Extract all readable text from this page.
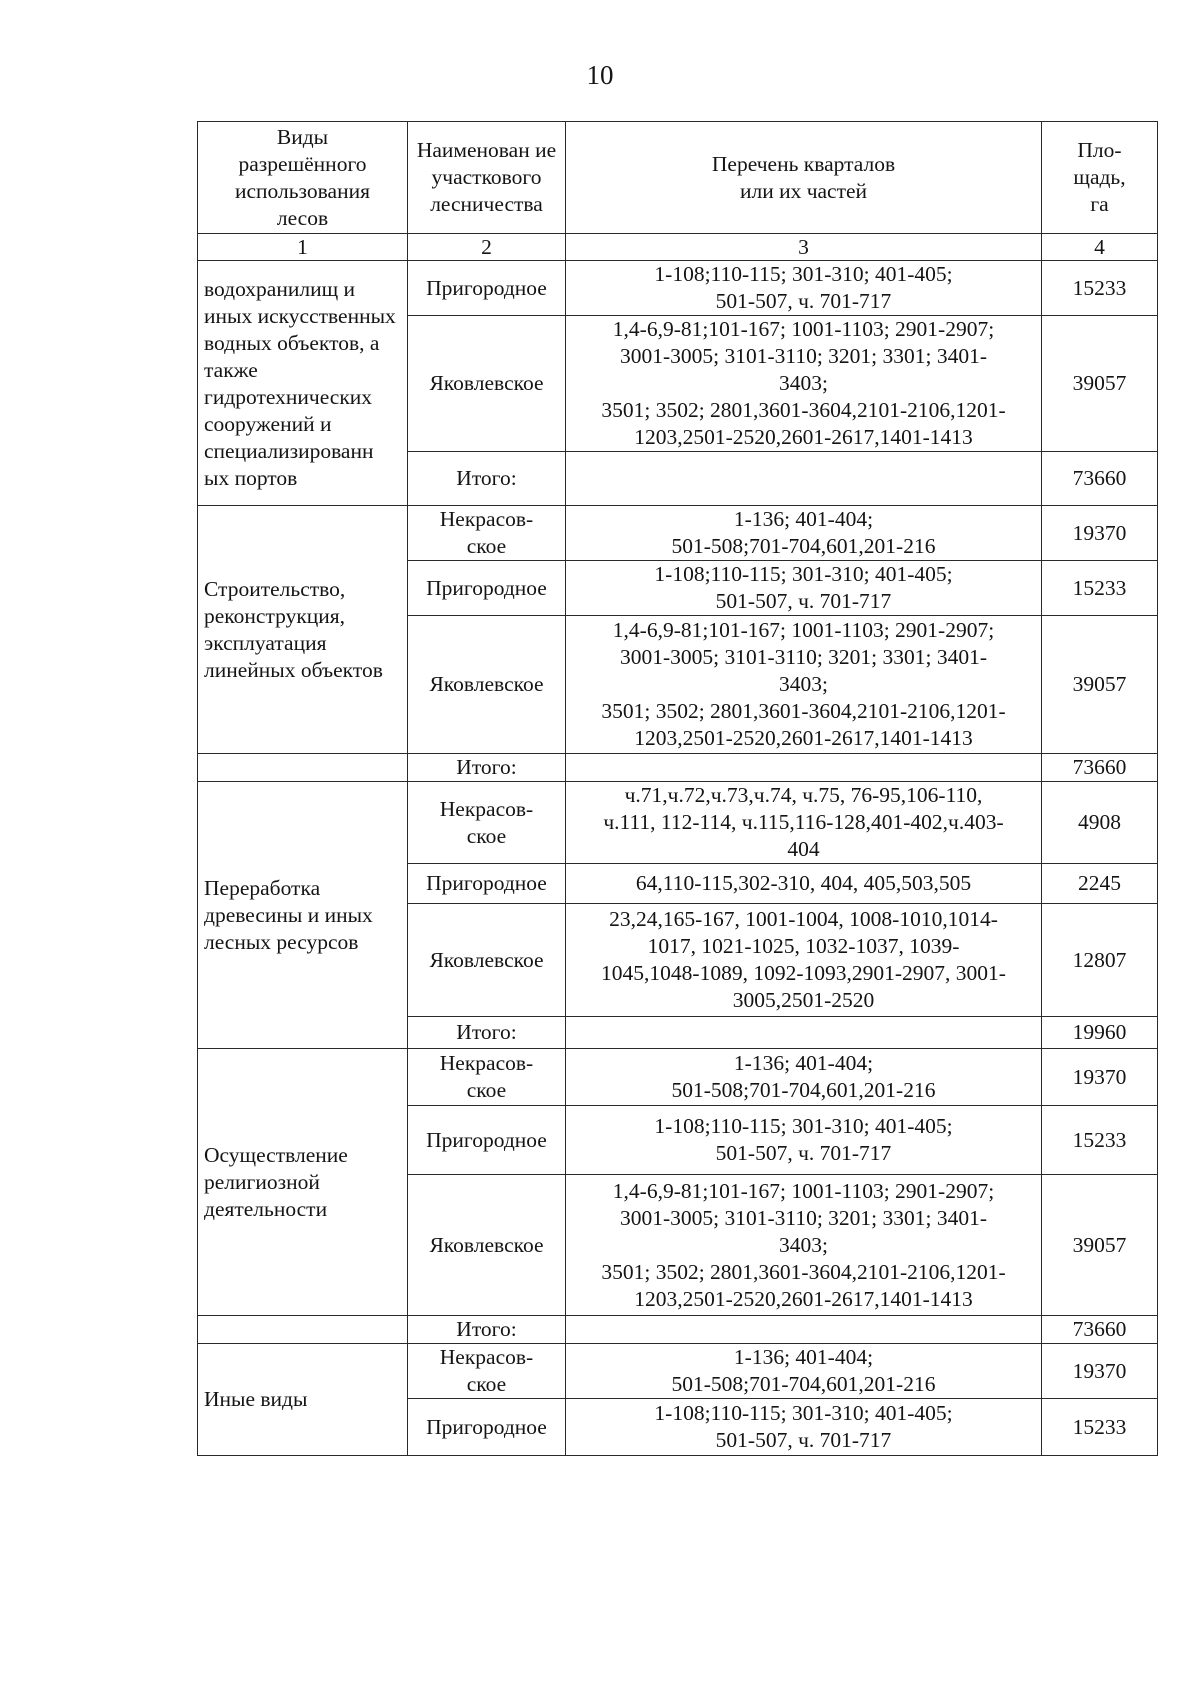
10
Виды разрешённого использования лесов	Наименован ие участкового лесничества	Перечень кварталов
или их частей	Пло-
щадь,
га
1	2	3	4
водохранилищ и иных искусственных водных объектов, а также гидротехнических сооружений и специализированн ых портов	Пригородное	1-108;110-115; 301-310; 401-405;
501-507, ч. 701-717	15233
	Яковлевское	1,4-6,9-81;101-167; 1001-1103; 2901-2907;
3001-3005; 3101-3110; 3201; 3301; 3401-
3403;
3501; 3502; 2801,3601-3604,2101-2106,1201-
1203,2501-2520,2601-2617,1401-1413	39057
	Итого:		73660
Строительство, реконструкция, эксплуатация линейных объектов	Некрасов-
ское	1-136; 401-404;
501-508;701-704,601,201-216	19370
	Пригородное	1-108;110-115; 301-310; 401-405;
501-507, ч. 701-717	15233
	Яковлевское	1,4-6,9-81;101-167; 1001-1103; 2901-2907;
3001-3005; 3101-3110; 3201; 3301; 3401-
3403;
3501; 3502; 2801,3601-3604,2101-2106,1201-
1203,2501-2520,2601-2617,1401-1413	39057
	Итого:		73660
Переработка древесины и иных лесных ресурсов	Некрасов-
ское	ч.71,ч.72,ч.73,ч.74, ч.75, 76-95,106-110,
ч.111, 112-114, ч.115,116-128,401-402,ч.403-
404	4908
	Пригородное	64,110-115,302-310, 404, 405,503,505	2245
	Яковлевское	23,24,165-167, 1001-1004, 1008-1010,1014-
1017, 1021-1025, 1032-1037, 1039-
1045,1048-1089, 1092-1093,2901-2907, 3001-
3005,2501-2520	12807
	Итого:		19960
Осуществление религиозной деятельности	Некрасов-
ское	1-136; 401-404;
501-508;701-704,601,201-216	19370
	Пригородное	1-108;110-115; 301-310; 401-405;
501-507, ч. 701-717	15233
	Яковлевское	1,4-6,9-81;101-167; 1001-1103; 2901-2907;
3001-3005; 3101-3110; 3201; 3301; 3401-
3403;
3501; 3502; 2801,3601-3604,2101-2106,1201-
1203,2501-2520,2601-2617,1401-1413	39057
	Итого:		73660
Иные виды	Некрасов-
ское	1-136; 401-404;
501-508;701-704,601,201-216	19370
	Пригородное	1-108;110-115; 301-310; 401-405;
501-507, ч. 701-717	15233
